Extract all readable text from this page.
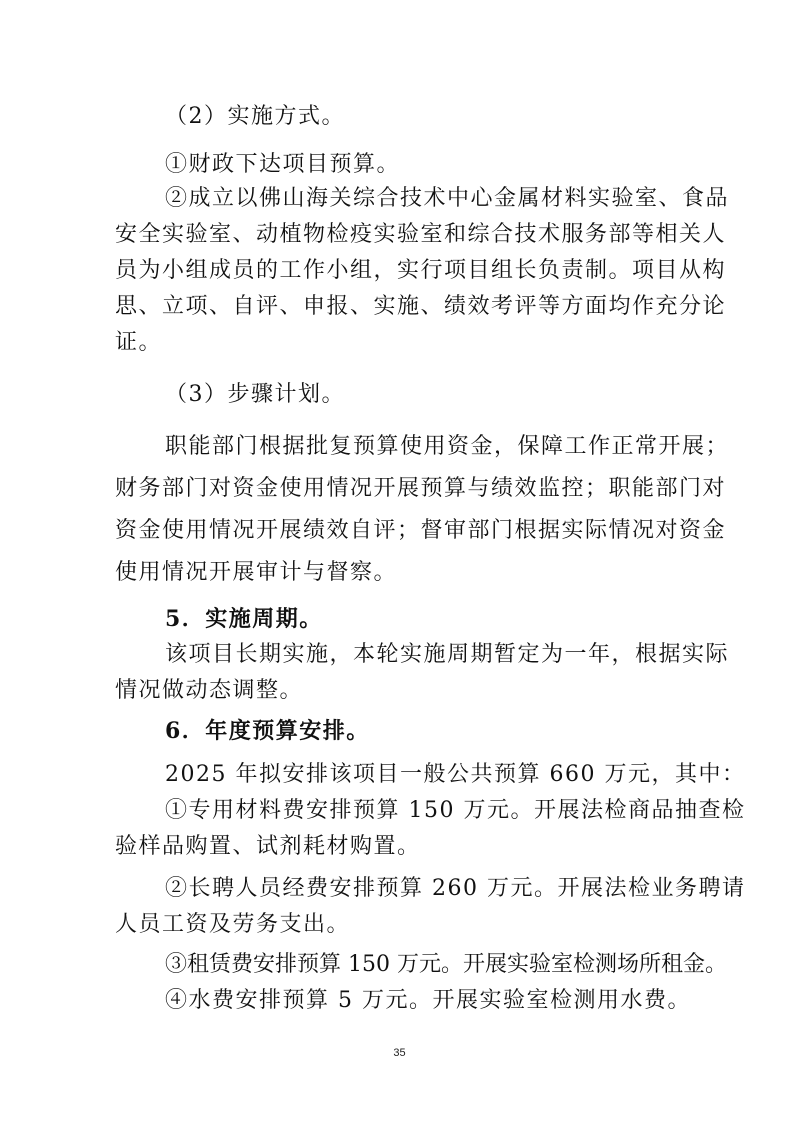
（2）实施方式。
①财政下达项目预算。
②成立以佛山海关综合技术中心金属材料实验室、食品
安全实验室、动植物检疫实验室和综合技术服务部等相关人
员为小组成员的工作小组，实行项目组长负责制。项目从构
思、立项、自评、申报、实施、绩效考评等方面均作充分论
证。
（3）步骤计划。
职能部门根据批复预算使用资金，保障工作正常开展；
财务部门对资金使用情况开展预算与绩效监控；职能部门对
资金使用情况开展绩效自评；督审部门根据实际情况对资金
使用情况开展审计与督察。
5．实施周期。
该项目长期实施，本轮实施周期暂定为一年，根据实际
情况做动态调整。
6．年度预算安排。
2025 年拟安排该项目一般公共预算 660 万元，其中：
①专用材料费安排预算 150 万元。开展法检商品抽查检
验样品购置、试剂耗材购置。
②长聘人员经费安排预算 260 万元。开展法检业务聘请
人员工资及劳务支出。
③租赁费安排预算 150 万元。开展实验室检测场所租金。
④水费安排预算 5 万元。开展实验室检测用水费。
35
